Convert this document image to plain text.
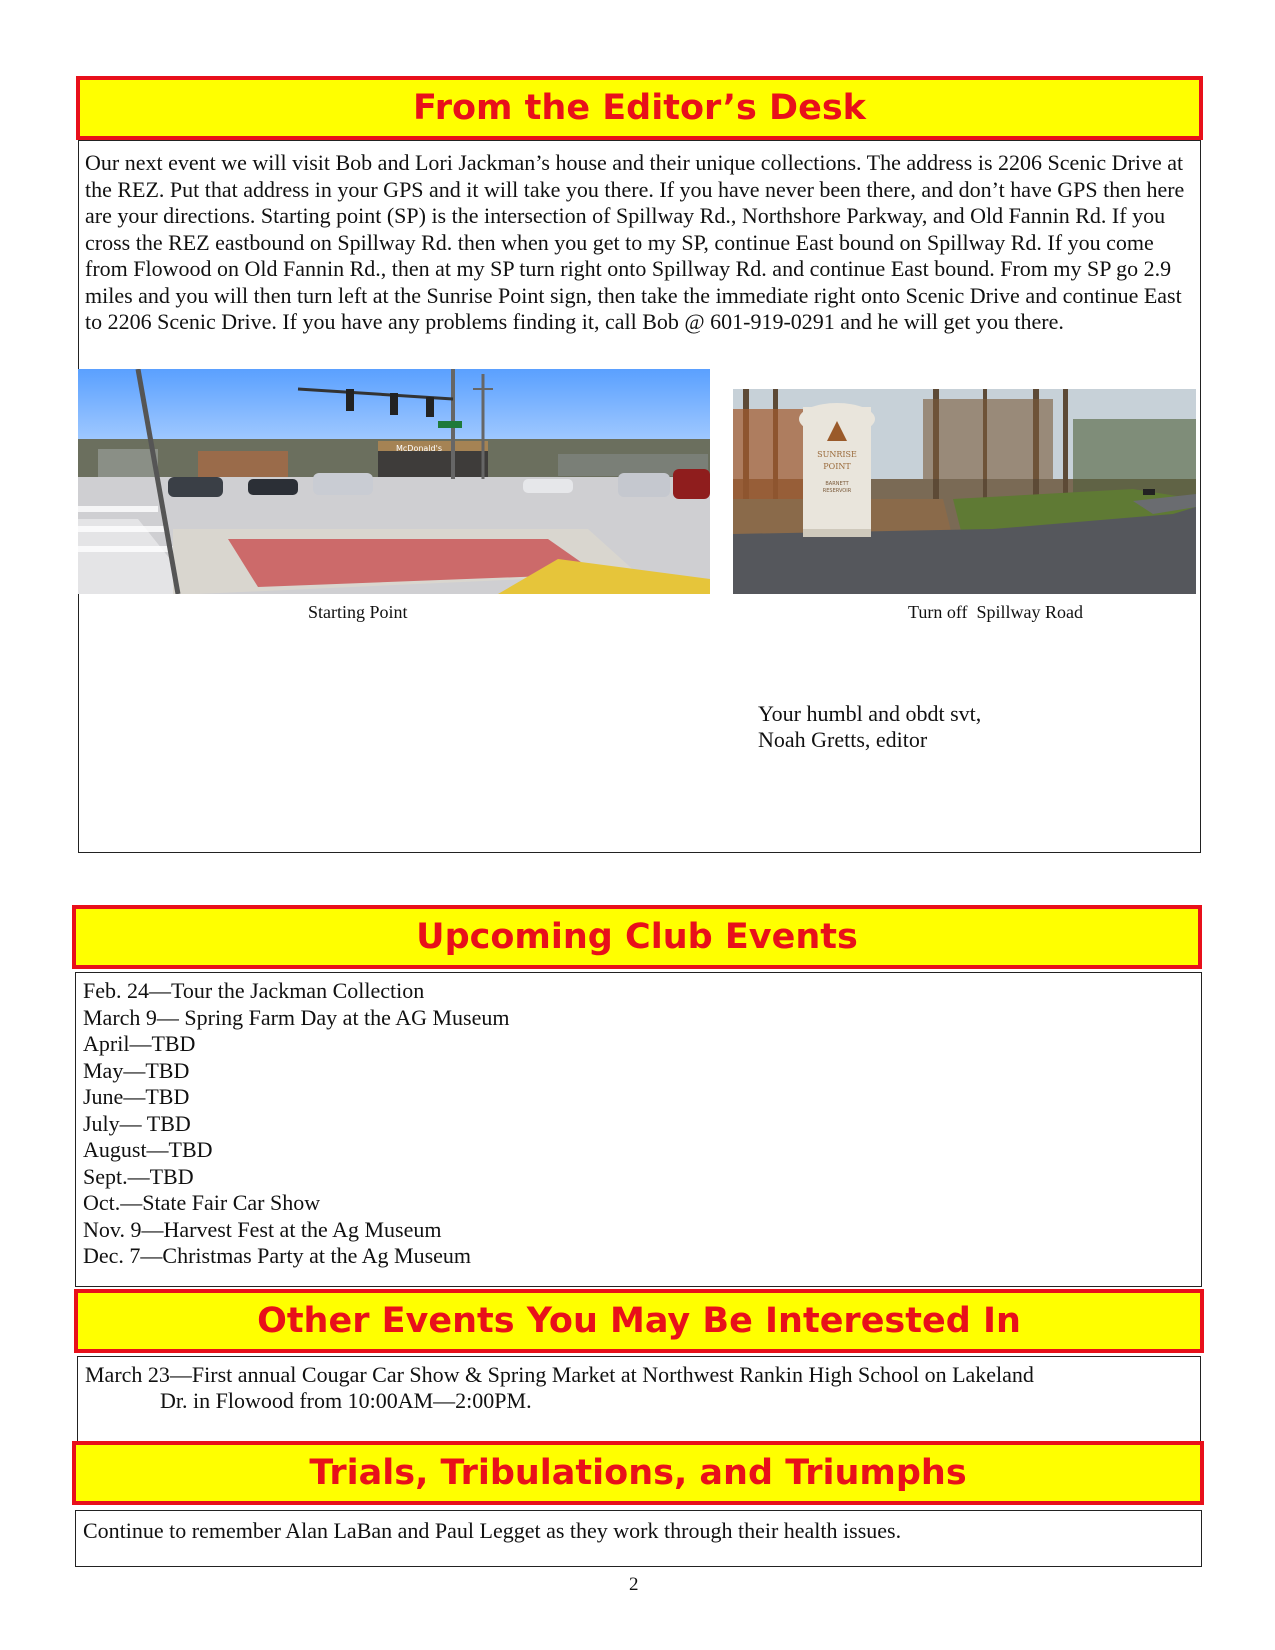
From the Editor’s Desk
Our next event we will visit Bob and Lori Jackman’s house and their unique collections. The address is 2206 Scenic Drive at the REZ. Put that address in your GPS and it will take you there. If you have never been there, and don’t have GPS then here are your directions. Starting point (SP) is the intersection of Spillway Rd., Northshore Parkway, and Old Fannin Rd. If you cross the REZ eastbound on Spillway Rd. then when you get to my SP, continue East bound on Spillway Rd. If you come from Flowood on Old Fannin Rd., then at my SP turn right onto Spillway Rd. and continue East bound. From my SP go 2.9 miles and you will then turn left at the Sunrise Point sign, then take the immediate right onto Scenic Drive and continue East to 2206 Scenic Drive. If you have any problems finding it, call Bob @ 601-919-0291 and he will get you there.
McDonald's
SUNRISE
POINT
BARNETT
RESERVOIR
Starting Point	Turn off  Spillway Road
Your humbl and obdt svt,
Noah Gretts, editor
Upcoming Club Events
Feb. 24—Tour the Jackman Collection
March 9— Spring Farm Day at the AG Museum
April—TBD
May—TBD
June—TBD
July— TBD
August—TBD
Sept.—TBD
Oct.—State Fair Car Show
Nov. 9—Harvest Fest at the Ag Museum
Dec. 7—Christmas Party at the Ag Museum
Other Events You May Be Interested In
March 23—First annual Cougar Car Show & Spring Market at Northwest Rankin High School on Lakeland
Dr. in Flowood from 10:00AM—2:00PM.
Trials, Tribulations, and Triumphs
Continue to remember Alan LaBan and Paul Legget as they work through their health issues.
2
